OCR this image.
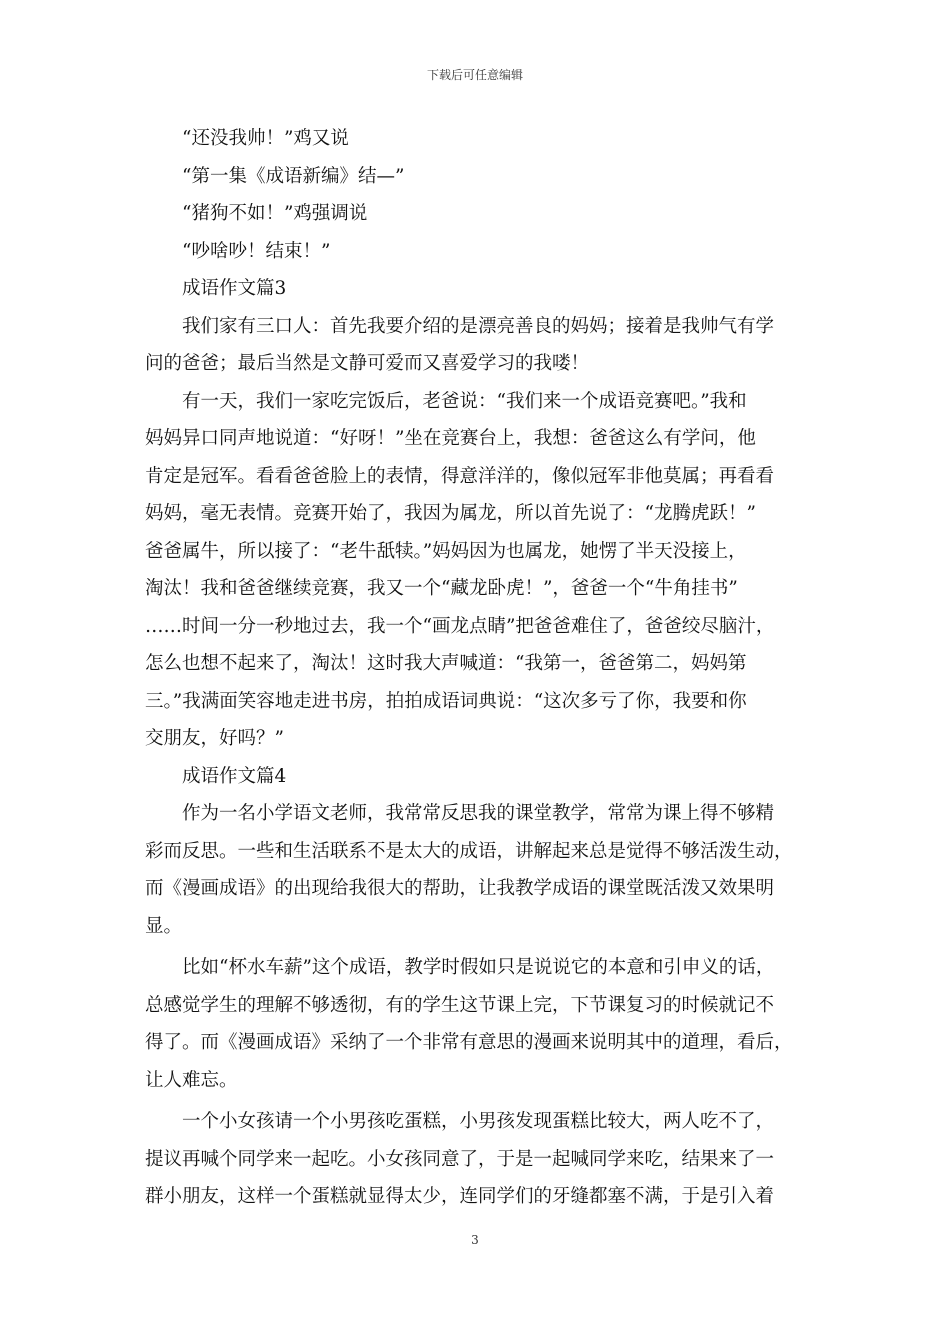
下载后可任意编辑

“还没我帅！”鸡又说

“第一集《成语新编》结—”

“猪狗不如！”鸡强调说

“吵啥吵！结束！”

成语作文篇3

我们家有三口人：首先我要介绍的是漂亮善良的妈妈；接着是我帅气有学

问的爸爸；最后当然是文静可爱而又喜爱学习的我喽！

有一天，我们一家吃完饭后，老爸说：“我们来一个成语竞赛吧。”我和

妈妈异口同声地说道：“好呀！”坐在竞赛台上，我想：爸爸这么有学问，他

肯定是冠军。看看爸爸脸上的表情，得意洋洋的，像似冠军非他莫属；再看看

妈妈，毫无表情。竞赛开始了，我因为属龙，所以首先说了：“龙腾虎跃！”

爸爸属牛，所以接了：“老牛舐犊。”妈妈因为也属龙，她愣了半天没接上，

淘汰！我和爸爸继续竞赛，我又一个“藏龙卧虎！”，爸爸一个“牛角挂书”

……时间一分一秒地过去，我一个“画龙点睛”把爸爸难住了，爸爸绞尽脑汁，

怎么也想不起来了，淘汰！这时我大声喊道：“我第一，爸爸第二，妈妈第

三。”我满面笑容地走进书房，拍拍成语词典说：“这次多亏了你，我要和你

交朋友，好吗？”

成语作文篇4

作为一名小学语文老师，我常常反思我的课堂教学，常常为课上得不够精

彩而反思。一些和生活联系不是太大的成语，讲解起来总是觉得不够活泼生动，

而《漫画成语》的出现给我很大的帮助，让我教学成语的课堂既活泼又效果明

显。

比如“杯水车薪”这个成语，教学时假如只是说说它的本意和引申义的话，

总感觉学生的理解不够透彻，有的学生这节课上完，下节课复习的时候就记不

得了。而《漫画成语》采纳了一个非常有意思的漫画来说明其中的道理，看后，

让人难忘。

一个小女孩请一个小男孩吃蛋糕，小男孩发现蛋糕比较大，两人吃不了，

提议再喊个同学来一起吃。小女孩同意了，于是一起喊同学来吃，结果来了一

群小朋友，这样一个蛋糕就显得太少，连同学们的牙缝都塞不满，于是引入着

3
